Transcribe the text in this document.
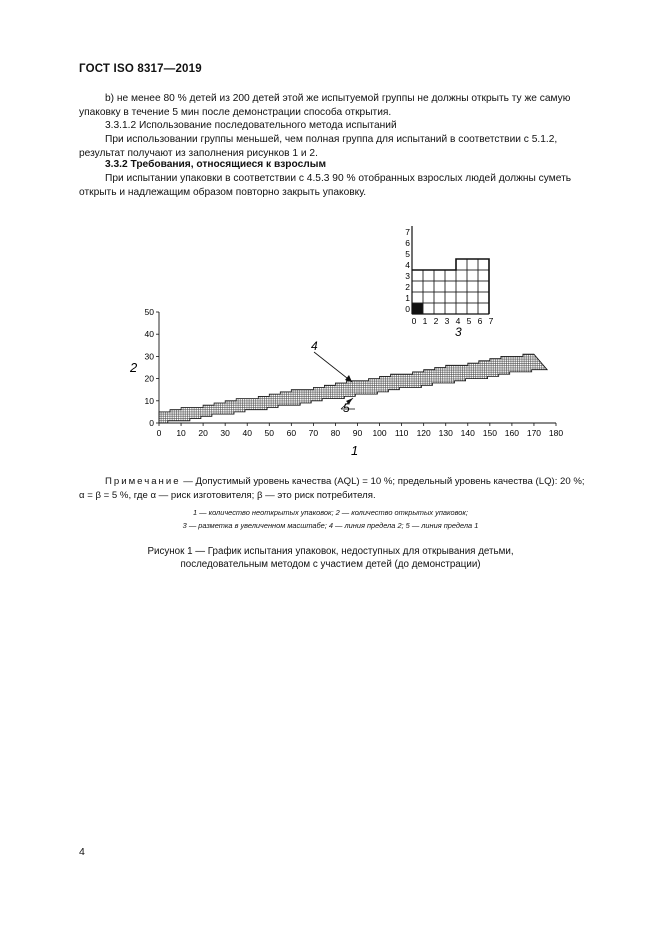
ГОСТ ISO 8317—2019
b) не менее 80 % детей из 200 детей этой же испытуемой группы не должны открыть ту же самую
упаковку в течение 5 мин после демонстрации способа открытия.
3.3.1.2 Использование последовательного метода испытаний
При использовании группы меньшей, чем полная группа для испытаний в соответствии с 5.1.2,
результат получают из заполнения рисунков 1 и 2.
3.3.2 Требования, относящиеся к взрослым
При испытании упаковки в соответствии с 4.5.3 90 % отобранных взрослых людей должны суметь
открыть и надлежащим образом повторно закрыть упаковку.
0
1
2
3
4
5
6
7
0 1 2 3 4 5 6 7
3
0 10 20 30 40 50 60 70 80 90 100 110 120 130 140 150 160 170 180
0
10
20
30
40
50
1
2
4
5
Примечание — Допустимый уровень качества (AQL) = 10 %; предельный уровень качества (LQ): 20 %;
α = β = 5 %, где α — риск изготовителя; β — это риск потребителя.
1 — количество неоткрытых упаковок; 2 — количество открытых упаковок;
3 — разметка в увеличенном масштабе; 4 — линия предела 2; 5 — линия предела 1
Рисунок 1 — График испытания упаковок, недоступных для открывания детьми,
последовательным методом с участием детей (до демонстрации)
4
